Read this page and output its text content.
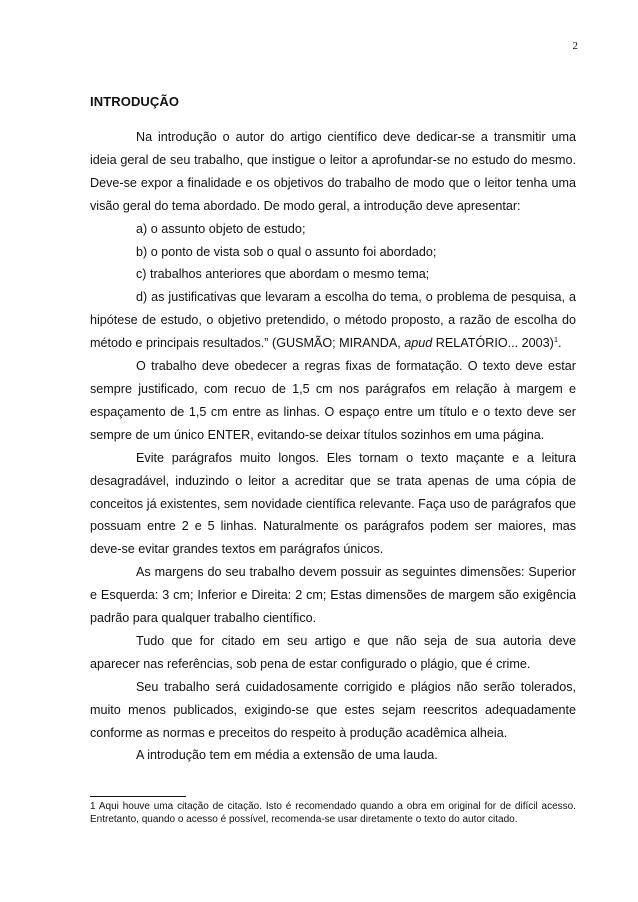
2
INTRODUÇÃO

Na introdução o autor do artigo científico deve dedicar-se a transmitir uma ideia geral de seu trabalho, que instigue o leitor a aprofundar-se no estudo do mesmo. Deve-se expor a finalidade e os objetivos do trabalho de modo que o leitor tenha uma visão geral do tema abordado. De modo geral, a introdução deve apresentar:

a) o assunto objeto de estudo;

b) o ponto de vista sob o qual o assunto foi abordado;

c) trabalhos anteriores que abordam o mesmo tema;

d) as justificativas que levaram a escolha do tema, o problema de pesquisa, a hipótese de estudo, o objetivo pretendido, o método proposto, a razão de escolha do método e principais resultados.” (GUSMÃO; MIRANDA, apud RELATÓRIO... 2003)$^1$.

O trabalho deve obedecer a regras fixas de formatação. O texto deve estar sempre justificado, com recuo de 1,5 cm nos parágrafos em relação à margem e espaçamento de 1,5 cm entre as linhas. O espaço entre um título e o texto deve ser sempre de um único ENTER, evitando-se deixar títulos sozinhos em uma página.

Evite parágrafos muito longos. Eles tornam o texto maçante e a leitura desagradável, induzindo o leitor a acreditar que se trata apenas de uma cópia de conceitos já existentes, sem novidade científica relevante. Faça uso de parágrafos que possuam entre 2 e 5 linhas. Naturalmente os parágrafos podem ser maiores, mas deve-se evitar grandes textos em parágrafos únicos.

As margens do seu trabalho devem possuir as seguintes dimensões: Superior e Esquerda: 3 cm; Inferior e Direita: 2 cm; Estas dimensões de margem são exigência padrão para qualquer trabalho científico.

Tudo que for citado em seu artigo e que não seja de sua autoria deve aparecer nas referências, sob pena de estar configurado o plágio, que é crime.

Seu trabalho será cuidadosamente corrigido e plágios não serão tolerados, muito menos publicados, exigindo-se que estes sejam reescritos adequadamente conforme as normas e preceitos do respeito à produção acadêmica alheia.

A introdução tem em média a extensão de uma lauda.

1 Aqui houve uma citação de citação. Isto é recomendado quando a obra em original for de difícil acesso. Entretanto, quando o acesso é possível, recomenda-se usar diretamente o texto do autor citado.
